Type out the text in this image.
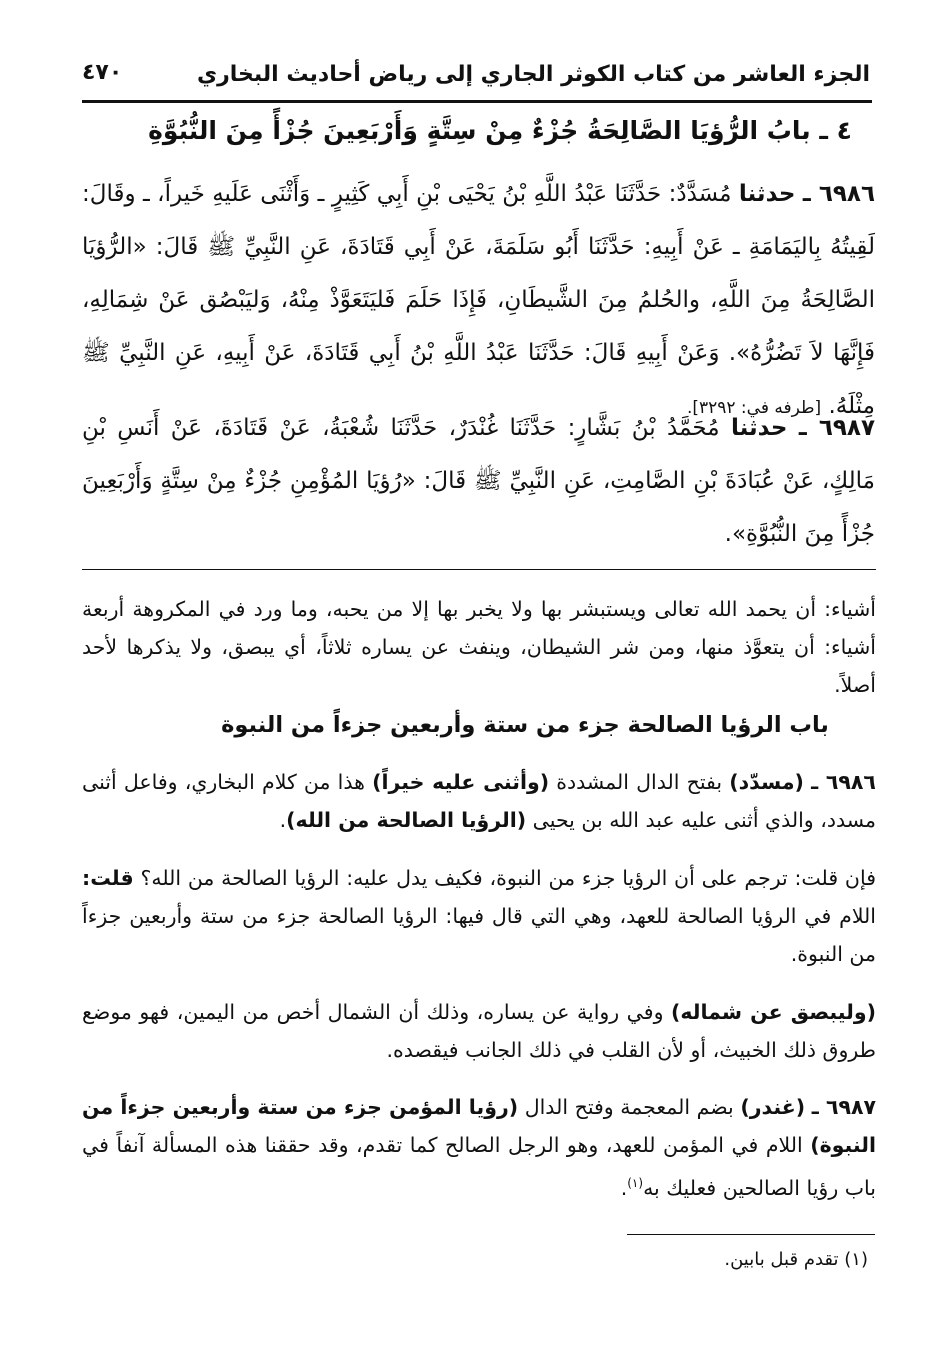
الجزء العاشر من كتاب الكوثر الجاري إلى رياض أحاديث البخاري
٤٧٠
٤ ـ بابُ الرُّؤيَا الصَّالِحَةُ جُزْءٌ مِنْ سِتَّةٍ وَأَرْبَعِينَ جُزْأً مِنَ النُّبُوَّةِ
٦٩٨٦ ـ حدثنا مُسَدَّدٌ: حَدَّثَنَا عَبْدُ اللَّهِ بْنُ يَحْيَى بْنِ أَبِي كَثِيرٍ ـ وَأَثْنَى عَلَيهِ خَيراً، ـ وقَالَ: لَقِيتُهُ بِاليَمَامَةِ ـ عَنْ أَبِيهِ: حَدَّثَنَا أَبُو سَلَمَةَ، عَنْ أَبِي قَتَادَةَ، عَنِ النَّبِيِّ ﷺ قَالَ: «الرُّؤيَا الصَّالِحَةُ مِنَ اللَّهِ، والحُلمُ مِنَ الشَّيطَانِ، فَإِذَا حَلَمَ فَليَتَعَوَّذْ مِنْهُ، وَليَبْصُق عَنْ شِمَالِهِ، فَإِنَّهَا لاَ تَضُرُّهُ». وَعَنْ أَبِيهِ قَالَ: حَدَّثَنَا عَبْدُ اللَّهِ بْنُ أَبِي قَتَادَةَ، عَنْ أَبِيهِ، عَنِ النَّبِيِّ ﷺ مِثْلَهُ. [طرفه في: ٣٢٩٢].
٦٩٨٧ ـ حدثنا مُحَمَّدُ بْنُ بَشَّارٍ: حَدَّثَنَا غُنْدَرٌ، حَدَّثَنَا شُعْبَةُ، عَنْ قَتَادَةَ، عَنْ أَنَسِ بْنِ مَالِكٍ، عَنْ عُبَادَةَ بْنِ الصَّامِتِ، عَنِ النَّبِيِّ ﷺ قَالَ: «رُؤيَا المُؤْمِنِ جُزْءٌ مِنْ سِتَّةٍ وَأَرْبَعِينَ جُزْأً مِنَ النُّبُوَّةِ».
أشياء: أن يحمد الله تعالى ويستبشر بها ولا يخبر بها إلا من يحبه، وما ورد في المكروهة أربعة أشياء: أن يتعوَّذ منها، ومن شر الشيطان، وينفث عن يساره ثلاثاً، أي يبصق، ولا يذكرها لأحد أصلاً.
باب الرؤيا الصالحة جزء من ستة وأربعين جزءاً من النبوة
٦٩٨٦ ـ (مسدّد) بفتح الدال المشددة (وأثنى عليه خيراً) هذا من كلام البخاري، وفاعل أثنى مسدد، والذي أثنى عليه عبد الله بن يحيى (الرؤيا الصالحة من الله).
فإن قلت: ترجم على أن الرؤيا جزء من النبوة، فكيف يدل عليه: الرؤيا الصالحة من الله؟ قلت: اللام في الرؤيا الصالحة للعهد، وهي التي قال فيها: الرؤيا الصالحة جزء من ستة وأربعين جزءاً من النبوة.
(وليبصق عن شماله) وفي رواية عن يساره، وذلك أن الشمال أخص من اليمين، فهو موضع طروق ذلك الخبيث، أو لأن القلب في ذلك الجانب فيقصده.
٦٩٨٧ ـ (غندر) بضم المعجمة وفتح الدال (رؤيا المؤمن جزء من ستة وأربعين جزءاً من النبوة) اللام في المؤمن للعهد، وهو الرجل الصالح كما تقدم، وقد حققنا هذه المسألة آنفاً في باب رؤيا الصالحين فعليك به$^{(١)}$.
(١) تقدم قبل بابين.
